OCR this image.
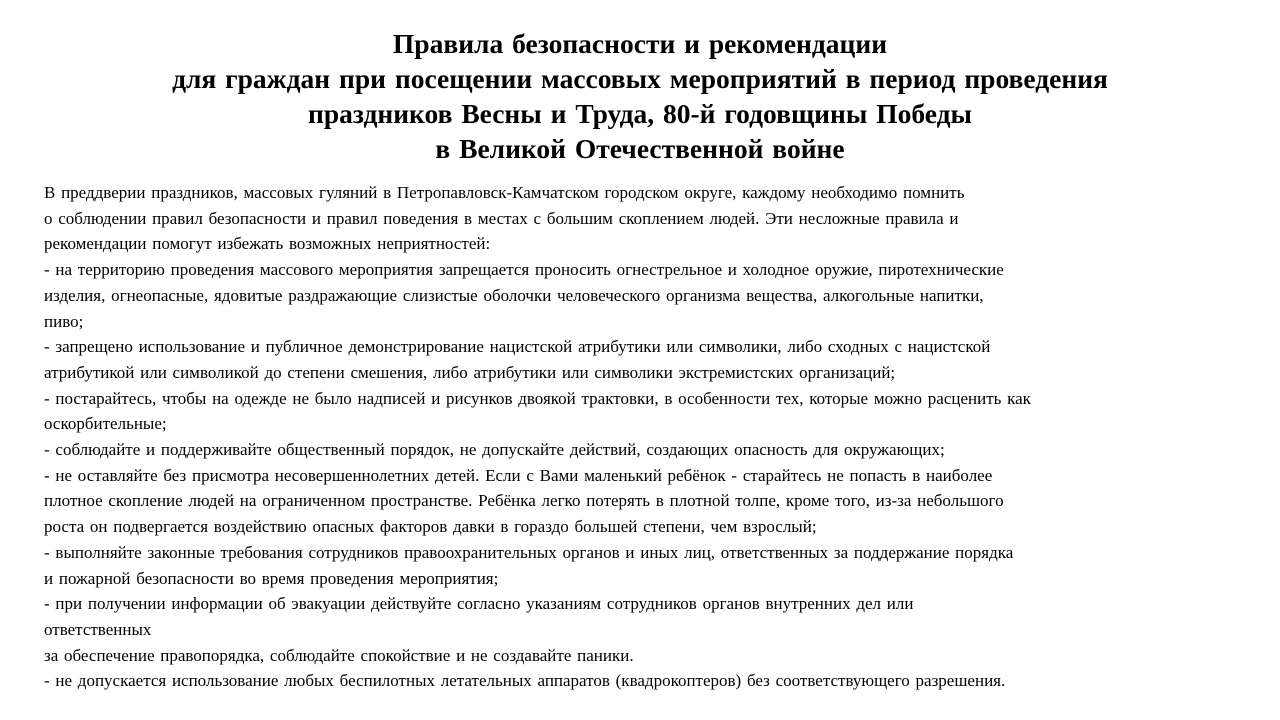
Правила безопасности и рекомендации
для граждан при посещении массовых мероприятий в период проведения
праздников Весны и Труда, 80-й годовщины Победы
в Великой Отечественной войне
В преддверии праздников, массовых гуляний в Петропавловск-Камчатском городском округе, каждому необходимо помнить
о соблюдении правил безопасности и правил поведения в местах с большим скоплением людей. Эти несложные правила и
рекомендации помогут избежать возможных неприятностей:
- на территорию проведения массового мероприятия запрещается проносить огнестрельное и холодное оружие, пиротехнические
изделия, огнеопасные, ядовитые раздражающие слизистые оболочки человеческого организма вещества, алкогольные напитки,
пиво;
- запрещено использование и публичное демонстрирование нацистской атрибутики или символики, либо сходных с нацистской
атрибутикой или символикой до степени смешения, либо атрибутики или символики экстремистских организаций;
- постарайтесь, чтобы на одежде не было надписей и рисунков двоякой трактовки, в особенности тех, которые можно расценить как
оскорбительные;
- соблюдайте и поддерживайте общественный порядок, не допускайте действий, создающих опасность для окружающих;
- не оставляйте без присмотра несовершеннолетних детей. Если с Вами маленький ребёнок - старайтесь не попасть в наиболее
плотное скопление людей на ограниченном пространстве. Ребёнка легко потерять в плотной толпе, кроме того, из-за небольшого
роста он подвергается воздействию опасных факторов давки в гораздо большей степени, чем взрослый;
- выполняйте законные требования сотрудников правоохранительных органов и иных лиц, ответственных за поддержание порядка
и пожарной безопасности во время проведения мероприятия;
- при получении информации об эвакуации действуйте согласно указаниям сотрудников органов внутренних дел или
ответственных
за обеспечение правопорядка, соблюдайте спокойствие и не создавайте паники.
- не допускается использование любых беспилотных летательных аппаратов (квадрокоптеров) без соответствующего разрешения.
